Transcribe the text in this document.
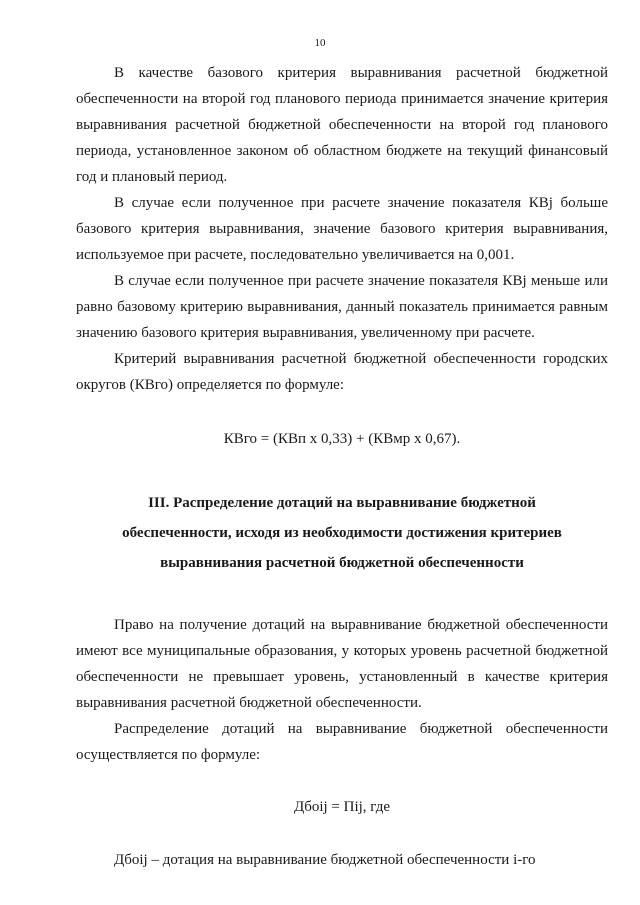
10

В качестве базового критерия выравнивания расчетной бюджетной обеспеченности на второй год планового периода принимается значение критерия выравнивания расчетной бюджетной обеспеченности на второй год планового периода, установленное законом об областном бюджете на текущий финансовый год и плановый период.

В случае если полученное при расчете значение показателя КВj больше базового критерия выравнивания, значение базового критерия выравнивания, используемое при расчете, последовательно увеличивается на 0,001.

В случае если полученное при расчете значение показателя КВj меньше или равно базовому критерию выравнивания, данный показатель принимается равным значению базового критерия выравнивания, увеличенному при расчете.

Критерий выравнивания расчетной бюджетной обеспеченности городских округов (КВго) определяется по формуле:

КВго = (КВп х 0,33) + (КВмр х 0,67).

III. Распределение дотаций на выравнивание бюджетной
обеспеченности, исходя из необходимости достижения критериев
выравнивания расчетной бюджетной обеспеченности

Право на получение дотаций на выравнивание бюджетной обеспеченности имеют все муниципальные образования, у которых уровень расчетной бюджетной обеспеченности не превышает уровень, установленный в качестве критерия выравнивания расчетной бюджетной обеспеченности.

Распределение дотаций на выравнивание бюджетной обеспеченности осуществляется по формуле:

Дбоij = Пij, где

Дбоij – дотация на выравнивание бюджетной обеспеченности i-го
